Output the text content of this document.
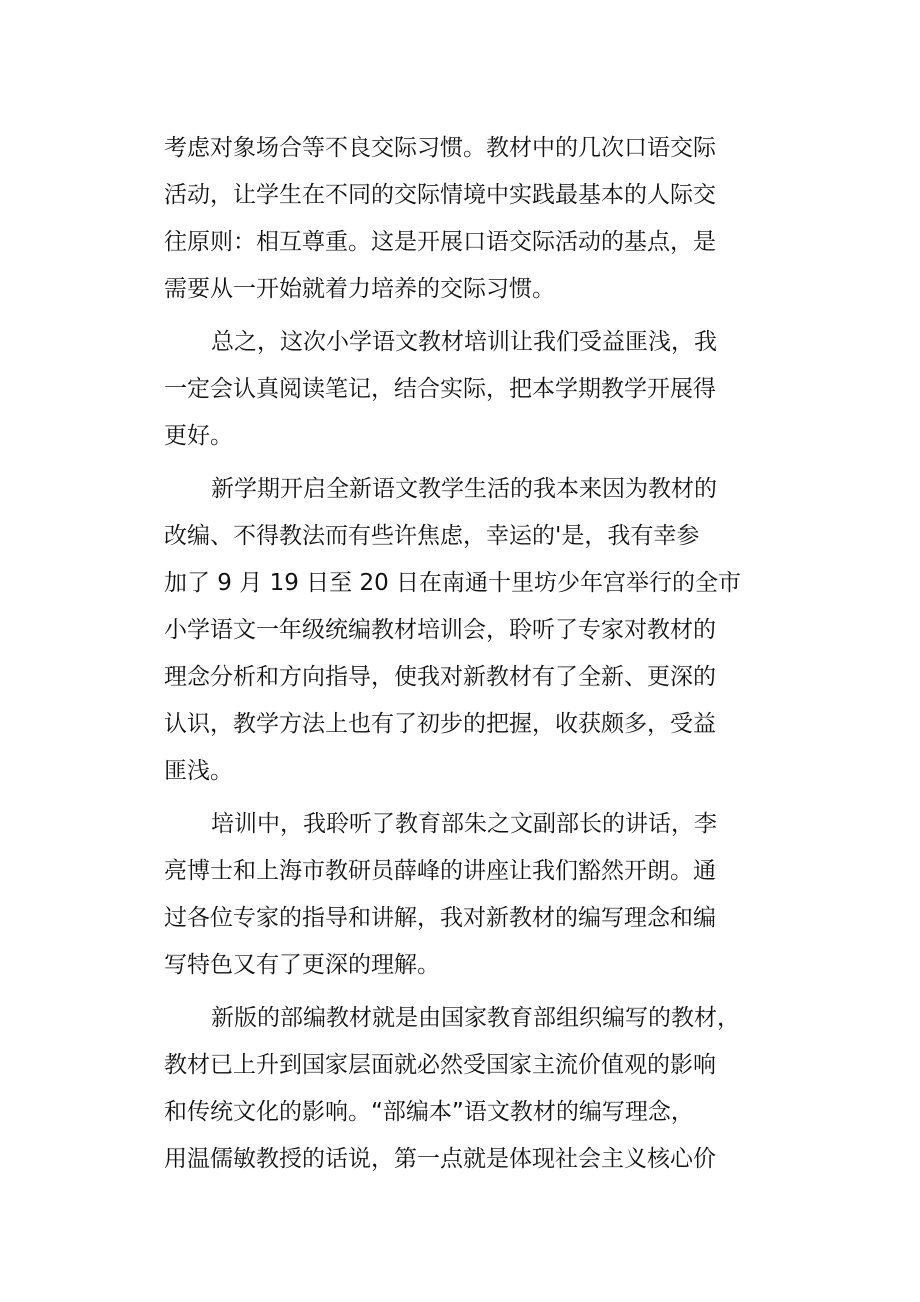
考虑对象场合等不良交际习惯。教材中的几次口语交际
活动，让学生在不同的交际情境中实践最基本的人际交
往原则：相互尊重。这是开展口语交际活动的基点，是
需要从一开始就着力培养的交际习惯。
总之，这次小学语文教材培训让我们受益匪浅，我
一定会认真阅读笔记，结合实际，把本学期教学开展得
更好。
新学期开启全新语文教学生活的我本来因为教材的
改编、不得教法而有些许焦虑，幸运的'是，我有幸参
加了 9 月 19 日至 20 日在南通十里坊少年宫举行的全市
小学语文一年级统编教材培训会，聆听了专家对教材的
理念分析和方向指导，使我对新教材有了全新、更深的
认识，教学方法上也有了初步的把握，收获颇多，受益
匪浅。
培训中，我聆听了教育部朱之文副部长的讲话，李
亮博士和上海市教研员薛峰的讲座让我们豁然开朗。通
过各位专家的指导和讲解，我对新教材的编写理念和编
写特色又有了更深的理解。
新版的部编教材就是由国家教育部组织编写的教材，
教材已上升到国家层面就必然受国家主流价值观的影响
和传统文化的影响。“部编本”语文教材的编写理念，
用温儒敏教授的话说，第一点就是体现社会主义核心价
